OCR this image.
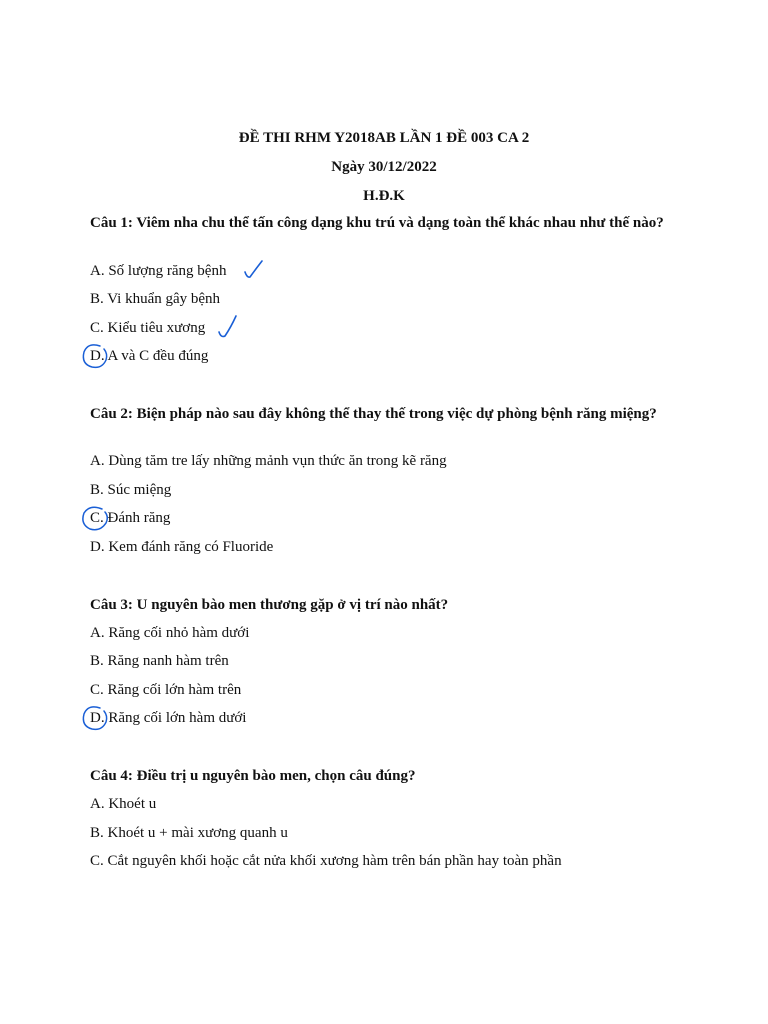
ĐỀ THI RHM Y2018AB LẦN 1 ĐỀ 003 CA 2
Ngày 30/12/2022
H.Đ.K
Câu 1: Viêm nha chu thể tấn công dạng khu trú và dạng toàn thể khác nhau như thế nào?
A. Số lượng răng bệnh
B. Vi khuẩn gây bệnh
C. Kiểu tiêu xương
D. A và C đều đúng
Câu 2: Biện pháp nào sau đây không thể thay thế trong việc dự phòng bệnh răng miệng?
A. Dùng tăm tre lấy những mảnh vụn thức ăn trong kẽ răng
B. Súc miệng
C. Đánh răng
D. Kem đánh răng có Fluoride
Câu 3: U nguyên bào men thương gặp ở vị trí nào nhất?
A. Răng cối nhỏ hàm dưới
B. Răng nanh hàm trên
C. Răng cối lớn hàm trên
D. Răng cối lớn hàm dưới
Câu 4: Điều trị u nguyên bào men, chọn câu đúng?
A. Khoét u
B. Khoét u + mài xương quanh u
C. Cắt nguyên khối hoặc cắt nửa khối xương hàm trên bán phần hay toàn phần
